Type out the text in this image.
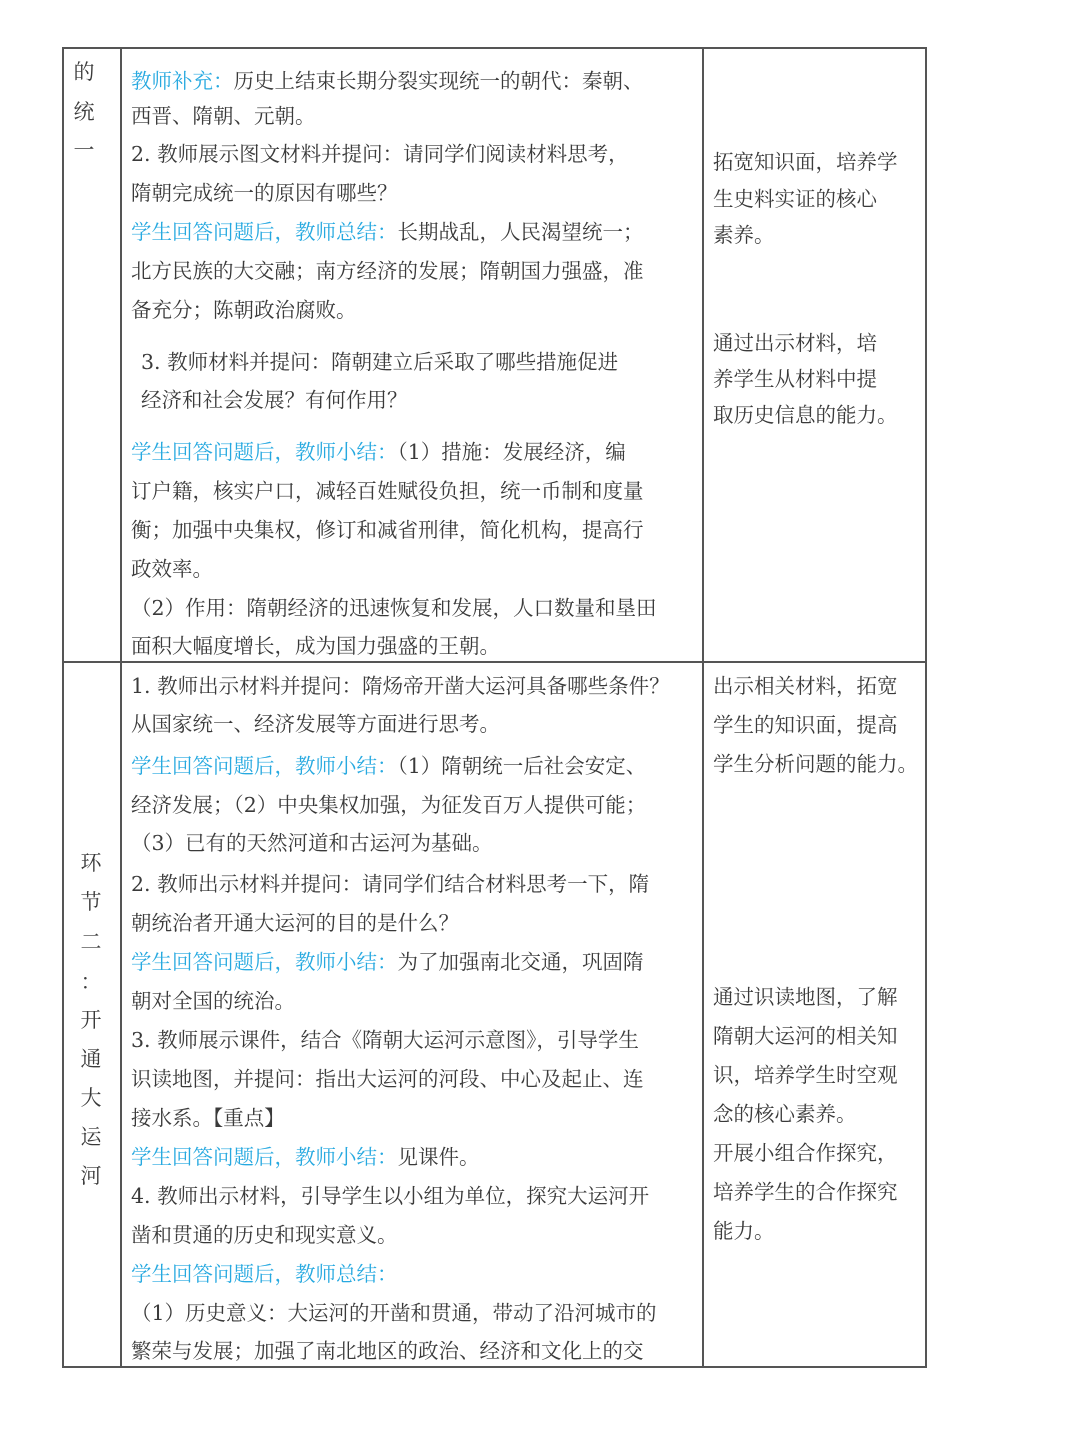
的
统
一
教师补充：历史上结束长期分裂实现统一的朝代：秦朝、
西晋、隋朝、元朝。
2. 教师展示图文材料并提问：请同学们阅读材料思考，
隋朝完成统一的原因有哪些？
学生回答问题后，教师总结：长期战乱，人民渴望统一；
北方民族的大交融；南方经济的发展；隋朝国力强盛，准
备充分；陈朝政治腐败。
3. 教师材料并提问：隋朝建立后采取了哪些措施促进
经济和社会发展？有何作用？
学生回答问题后，教师小结：（1）措施：发展经济，编
订户籍，核实户口，减轻百姓赋役负担，统一币制和度量
衡；加强中央集权，修订和减省刑律，简化机构，提高行
政效率。
（2）作用：隋朝经济的迅速恢复和发展，人口数量和垦田
面积大幅度增长，成为国力强盛的王朝。
拓宽知识面，培养学
生史料实证的核心
素养。
通过出示材料，培
养学生从材料中提
取历史信息的能力。
环
节
二
：
开
通
大
运
河
1. 教师出示材料并提问：隋炀帝开凿大运河具备哪些条件？
从国家统一、经济发展等方面进行思考。
学生回答问题后，教师小结：（1）隋朝统一后社会安定、
经济发展；（2）中央集权加强，为征发百万人提供可能；
（3）已有的天然河道和古运河为基础。
2. 教师出示材料并提问：请同学们结合材料思考一下，隋
朝统治者开通大运河的目的是什么？
学生回答问题后，教师小结：为了加强南北交通，巩固隋
朝对全国的统治。
3. 教师展示课件，结合《隋朝大运河示意图》，引导学生
识读地图，并提问：指出大运河的河段、中心及起止、连
接水系。【重点】
学生回答问题后，教师小结：见课件。
4. 教师出示材料，引导学生以小组为单位，探究大运河开
凿和贯通的历史和现实意义。
学生回答问题后，教师总结：
（1）历史意义：大运河的开凿和贯通，带动了沿河城市的
繁荣与发展；加强了南北地区的政治、经济和文化上的交
出示相关材料，拓宽
学生的知识面，提高
学生分析问题的能力。
通过识读地图，了解
隋朝大运河的相关知
识，培养学生时空观
念的核心素养。
开展小组合作探究，
培养学生的合作探究
能力。
